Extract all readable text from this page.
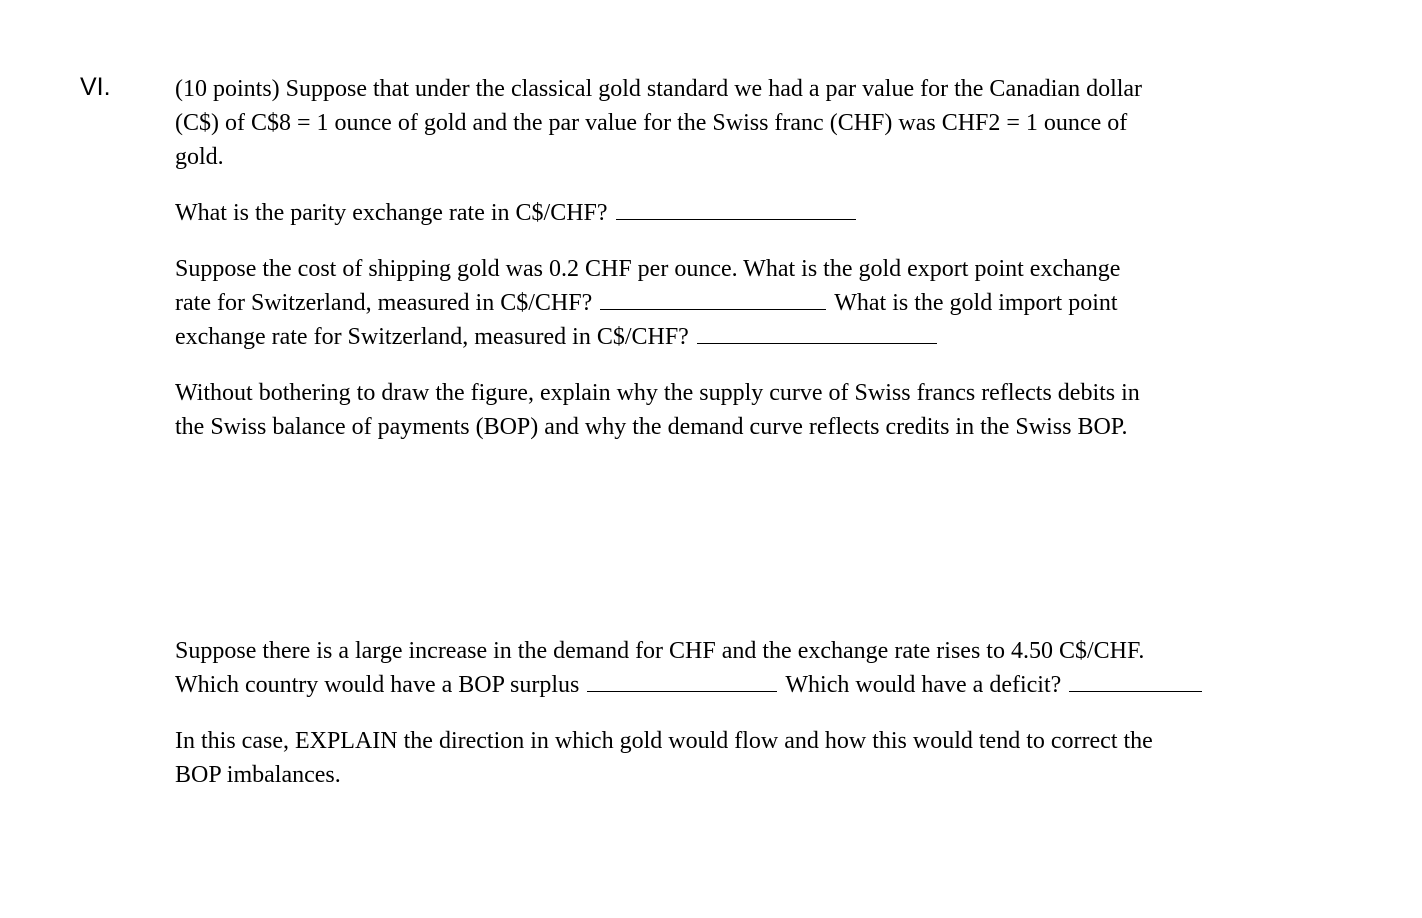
VI.	(10 points) Suppose that under the classical gold standard we had a par value for the Canadian dollar
(C$) of C$8 = 1 ounce of gold and the par value for the Swiss franc (CHF) was CHF2 = 1 ounce of
gold.

What is the parity exchange rate in C$/CHF?

Suppose the cost of shipping gold was 0.2 CHF per ounce. What is the gold export point exchange
rate for Switzerland, measured in C$/CHF?	What is the gold import point
exchange rate for Switzerland, measured in C$/CHF?

Without bothering to draw the figure, explain why the supply curve of Swiss francs reflects debits in
the Swiss balance of payments (BOP) and why the demand curve reflects credits in the Swiss BOP.

Suppose there is a large increase in the demand for CHF and the exchange rate rises to 4.50 C$/CHF.
Which country would have a BOP surplus	Which would have a deficit?

In this case, EXPLAIN the direction in which gold would flow and how this would tend to correct the
BOP imbalances.
